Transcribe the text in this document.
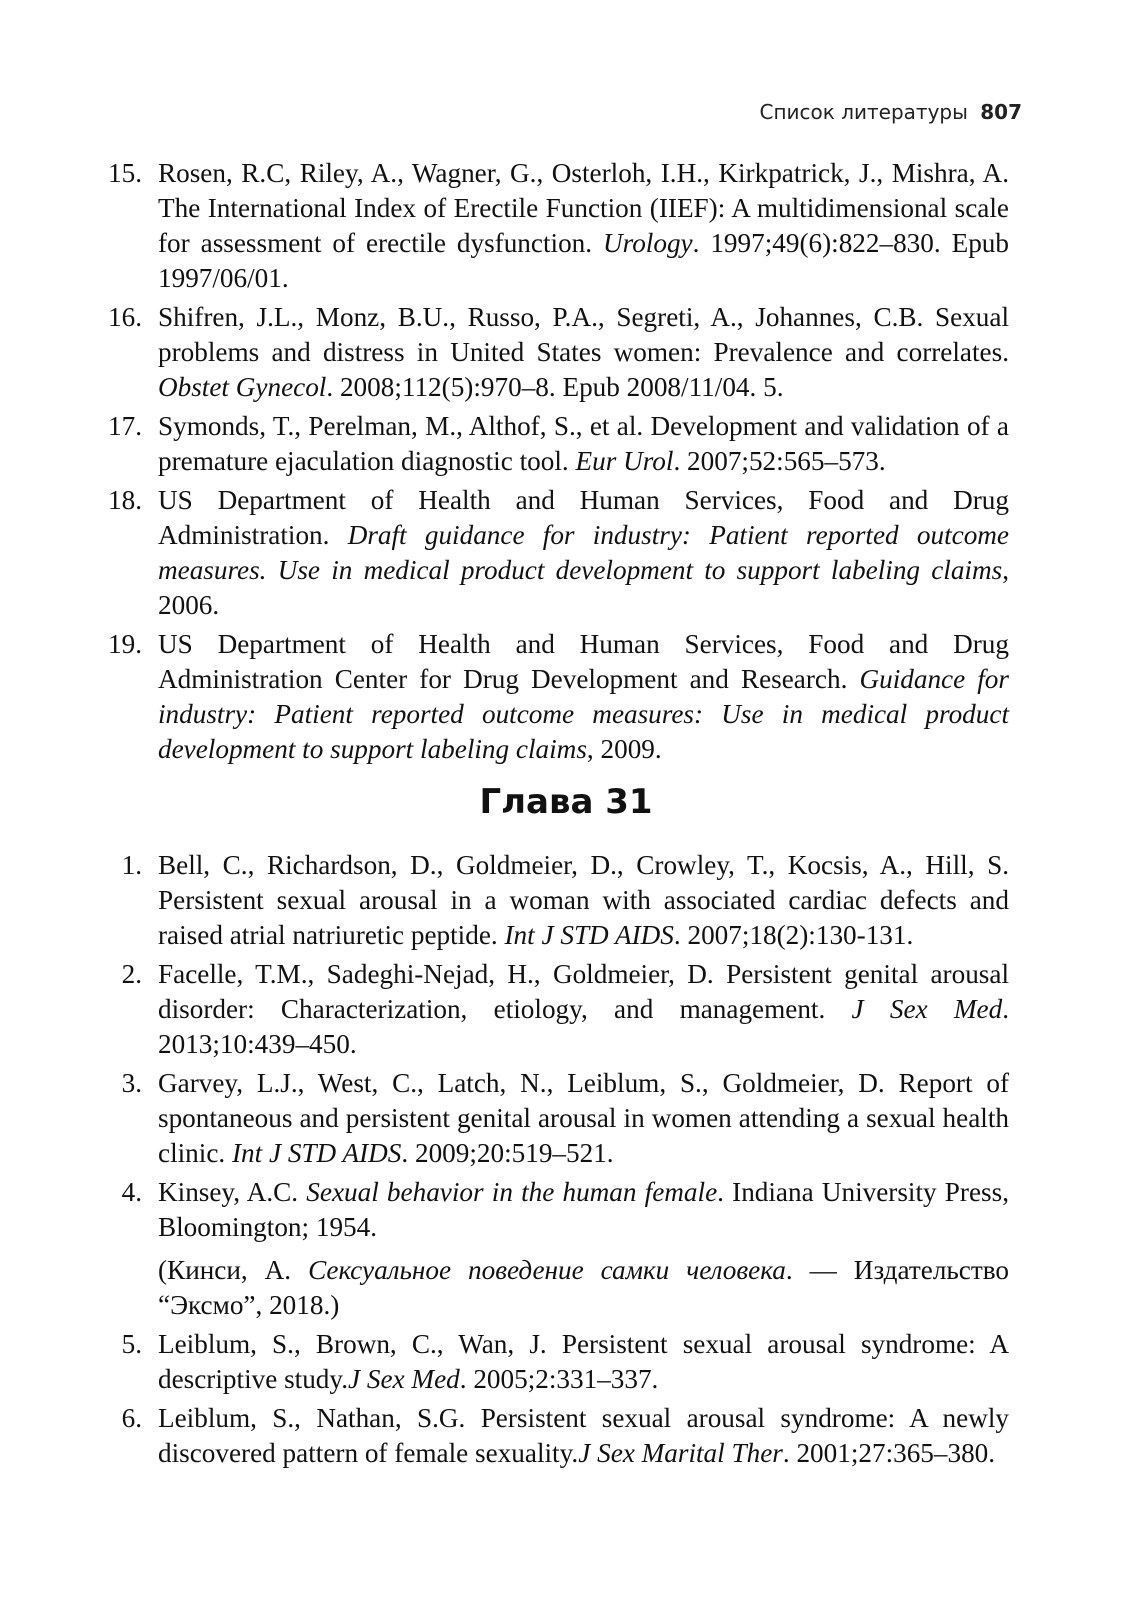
Список литературы 807
15. Rosen, R.C, Riley, A., Wagner, G., Osterloh, I.H., Kirkpatrick, J., Mishra, A. The International Index of Erectile Function (IIEF): A multidimensional scale for assessment of erectile dysfunction. Urology. 1997;49(6):822–830. Epub 1997/06/01.
16. Shifren, J.L., Monz, B.U., Russo, P.A., Segreti, A., Johannes, C.B. Sexual problems and distress in United States women: Prevalence and correlates. Obstet Gynecol. 2008;112(5):970–8. Epub 2008/11/04. 5.
17. Symonds, T., Perelman, M., Althof, S., et al. Development and validation of a premature ejaculation diagnostic tool. Eur Urol. 2007;52:565–573.
18. US Department of Health and Human Services, Food and Drug Administration. Draft guidance for industry: Patient reported outcome measures. Use in medical product development to support labeling claims, 2006.
19. US Department of Health and Human Services, Food and Drug Administration Center for Drug Development and Research. Guidance for industry: Patient reported outcome measures: Use in medical product development to support labeling claims, 2009.
Глава 31
1. Bell, C., Richardson, D., Goldmeier, D., Crowley, T., Kocsis, A., Hill, S. Persistent sexual arousal in a woman with associated cardiac defects and raised atrial natriuretic peptide. Int J STD AIDS. 2007;18(2):130-131.
2. Facelle, T.M., Sadeghi-Nejad, H., Goldmeier, D. Persistent genital arousal disorder: Characterization, etiology, and management. J Sex Med. 2013;10:439–450.
3. Garvey, L.J., West, C., Latch, N., Leiblum, S., Goldmeier, D. Report of spontaneous and persistent genital arousal in women attending a sexual health clinic. Int J STD AIDS. 2009;20:519–521.
4. Kinsey, A.C. Sexual behavior in the human female. Indiana University Press, Bloomington; 1954.
(Кинси, А. Сексуальное поведение самки человека. — Издательство “Эксмо”, 2018.)
5. Leiblum, S., Brown, C., Wan, J. Persistent sexual arousal syndrome: A descriptive study.J Sex Med. 2005;2:331–337.
6. Leiblum, S., Nathan, S.G. Persistent sexual arousal syndrome: A newly discovered pattern of female sexuality.J Sex Marital Ther. 2001;27:365–380.
